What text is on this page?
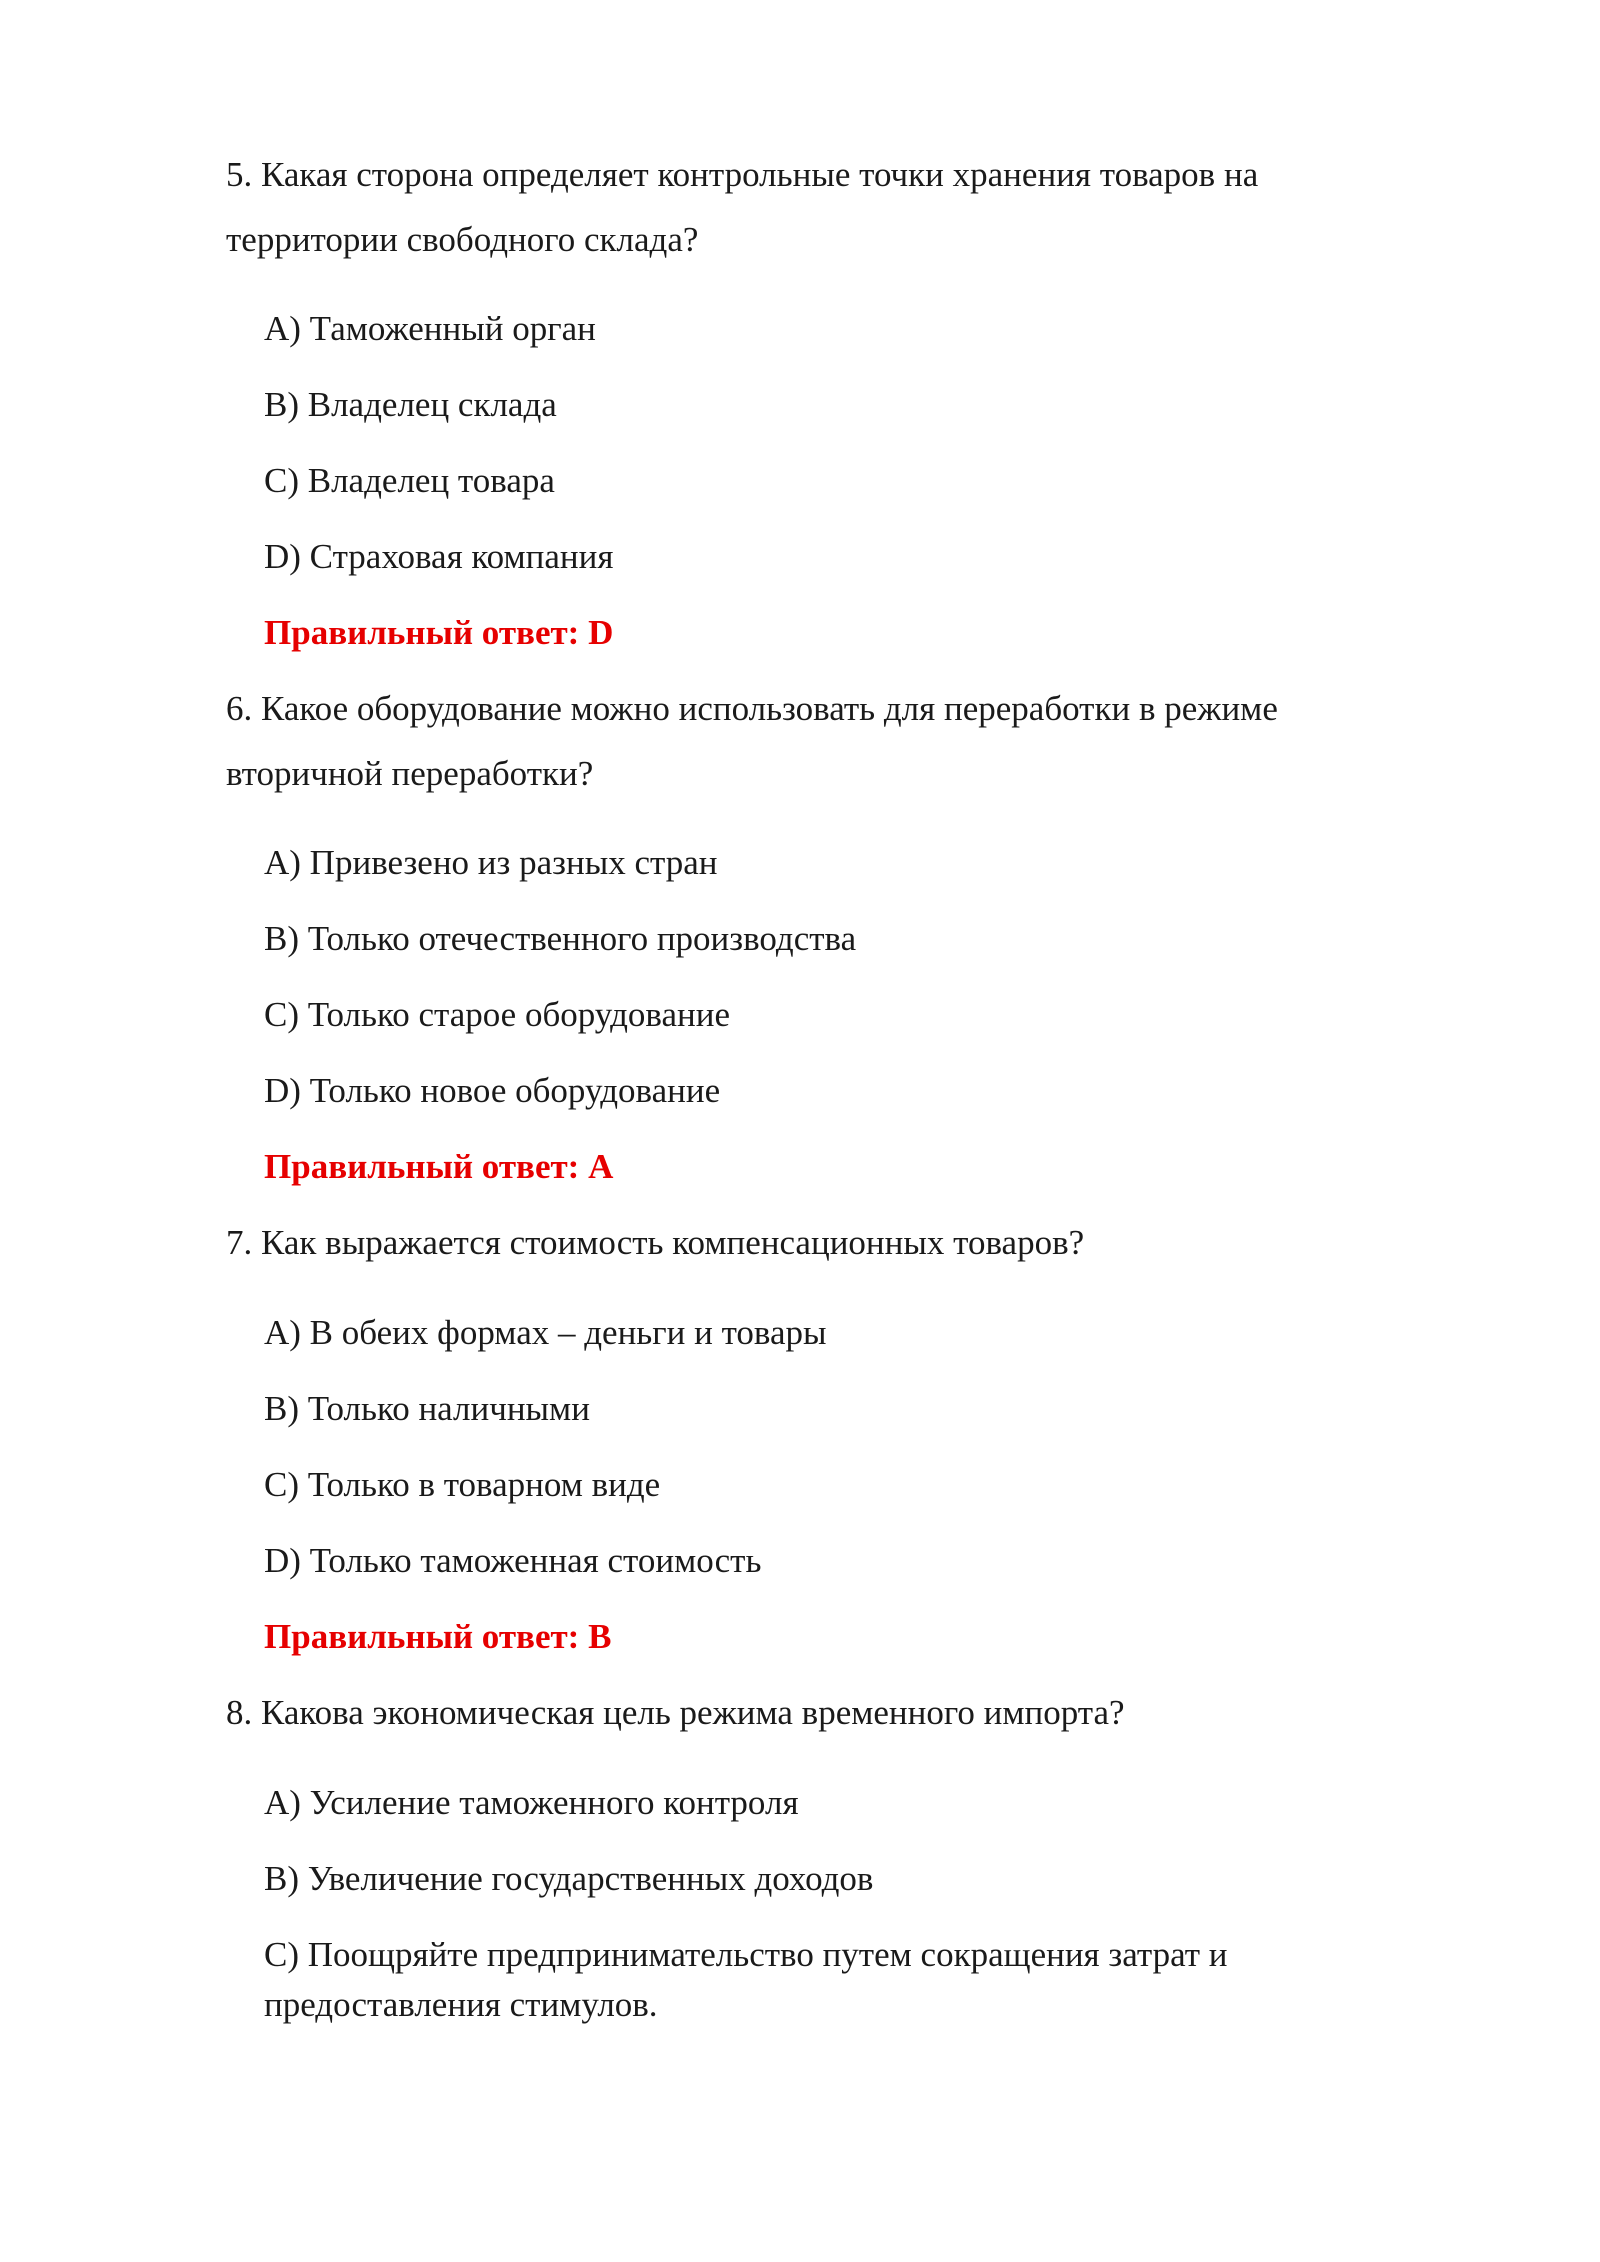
5. Какая сторона определяет контрольные точки хранения товаров на территории свободного склада?

A) Таможенный орган

B) Владелец склада

C) Владелец товара

D) Страховая компания

Правильный ответ: D

6. Какое оборудование можно использовать для переработки в режиме вторичной переработки?

A) Привезено из разных стран

B) Только отечественного производства

C) Только старое оборудование

D) Только новое оборудование

Правильный ответ: A

7. Как выражается стоимость компенсационных товаров?

A) В обеих формах – деньги и товары

B) Только наличными

C) Только в товарном виде

D) Только таможенная стоимость

Правильный ответ: B

8. Какова экономическая цель режима временного импорта?

A) Усиление таможенного контроля

B) Увеличение государственных доходов

C) Поощряйте предпринимательство путем сокращения затрат и предоставления стимулов.
